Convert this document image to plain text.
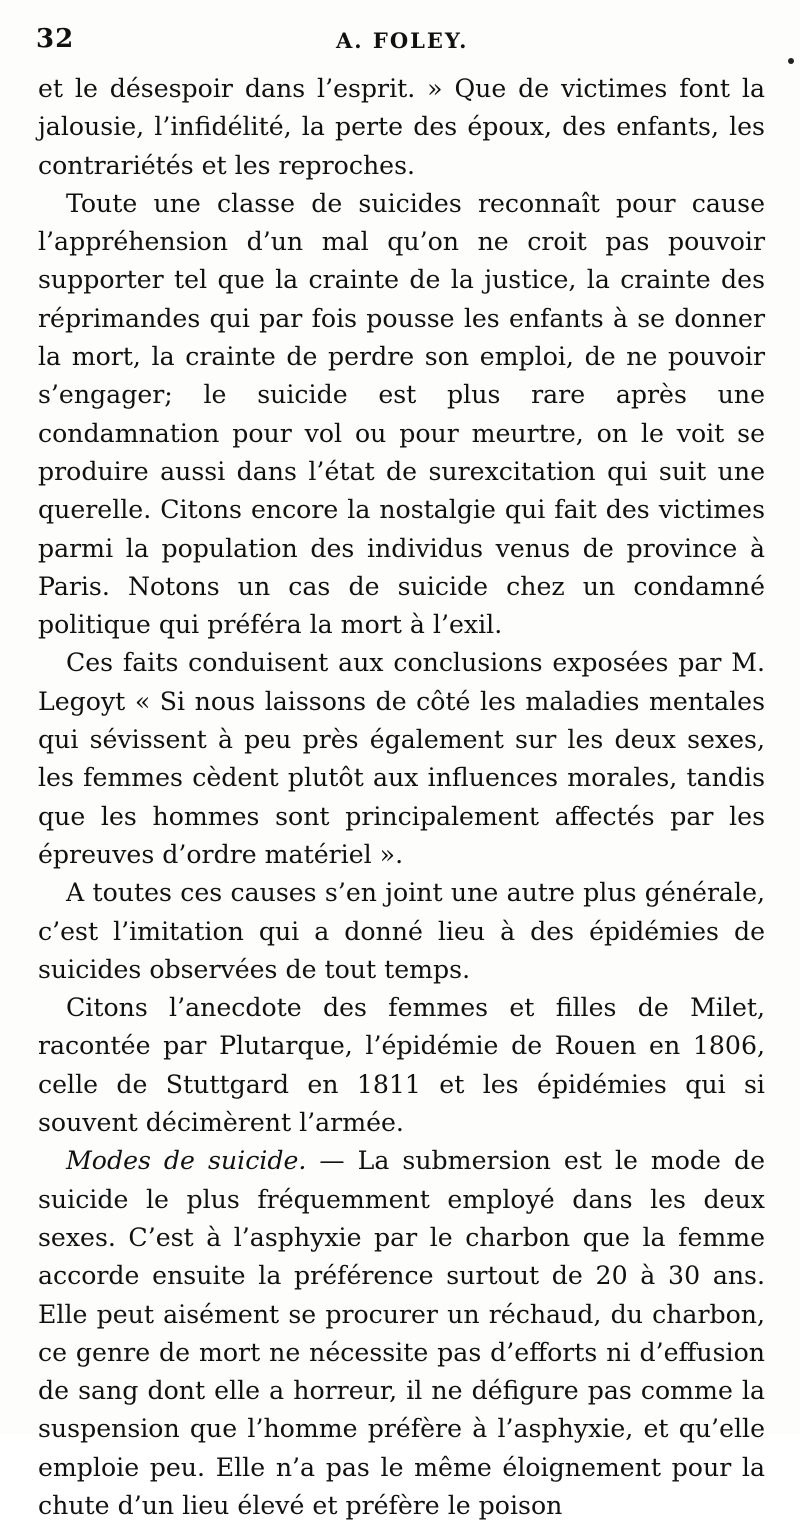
32	A. FOLEY.

et le désespoir dans l’esprit. » Que de victimes font la jalousie, l’infidélité, la perte des époux, des enfants, les contrariétés et les reproches.

Toute une classe de suicides reconnaît pour cause l’appréhension d’un mal qu’on ne croit pas pouvoir supporter tel que la crainte de la justice, la crainte des réprimandes qui par fois pousse les enfants à se donner la mort, la crainte de perdre son emploi, de ne pouvoir s’engager; le suicide est plus rare après une condamnation pour vol ou pour meurtre, on le voit se produire aussi dans l’état de surexcitation qui suit une querelle. Citons encore la nostalgie qui fait des victimes parmi la population des individus venus de province à Paris. Notons un cas de suicide chez un condamné politique qui préféra la mort à l’exil.

Ces faits conduisent aux conclusions exposées par M. Legoyt « Si nous laissons de côté les maladies mentales qui sévissent à peu près également sur les deux sexes, les femmes cèdent plutôt aux influences morales, tandis que les hommes sont principalement affectés par les épreuves d’ordre matériel ».

A toutes ces causes s’en joint une autre plus générale, c’est l’imitation qui a donné lieu à des épidémies de suicides observées de tout temps.

Citons l’anecdote des femmes et filles de Milet, racontée par Plutarque, l’épidémie de Rouen en 1806, celle de Stuttgard en 1811 et les épidémies qui si souvent décimèrent l’armée.

Modes de suicide. — La submersion est le mode de suicide le plus fréquemment employé dans les deux sexes. C’est à l’asphyxie par le charbon que la femme accorde ensuite la préférence surtout de 20 à 30 ans. Elle peut aisément se procurer un réchaud, du charbon, ce genre de mort ne nécessite pas d’efforts ni d’effusion de sang dont elle a horreur, il ne défigure pas comme la suspension que l’homme préfère à l’asphyxie, et qu’elle emploie peu. Elle n’a pas le même éloignement pour la chute d’un lieu élevé et préfère le poison
